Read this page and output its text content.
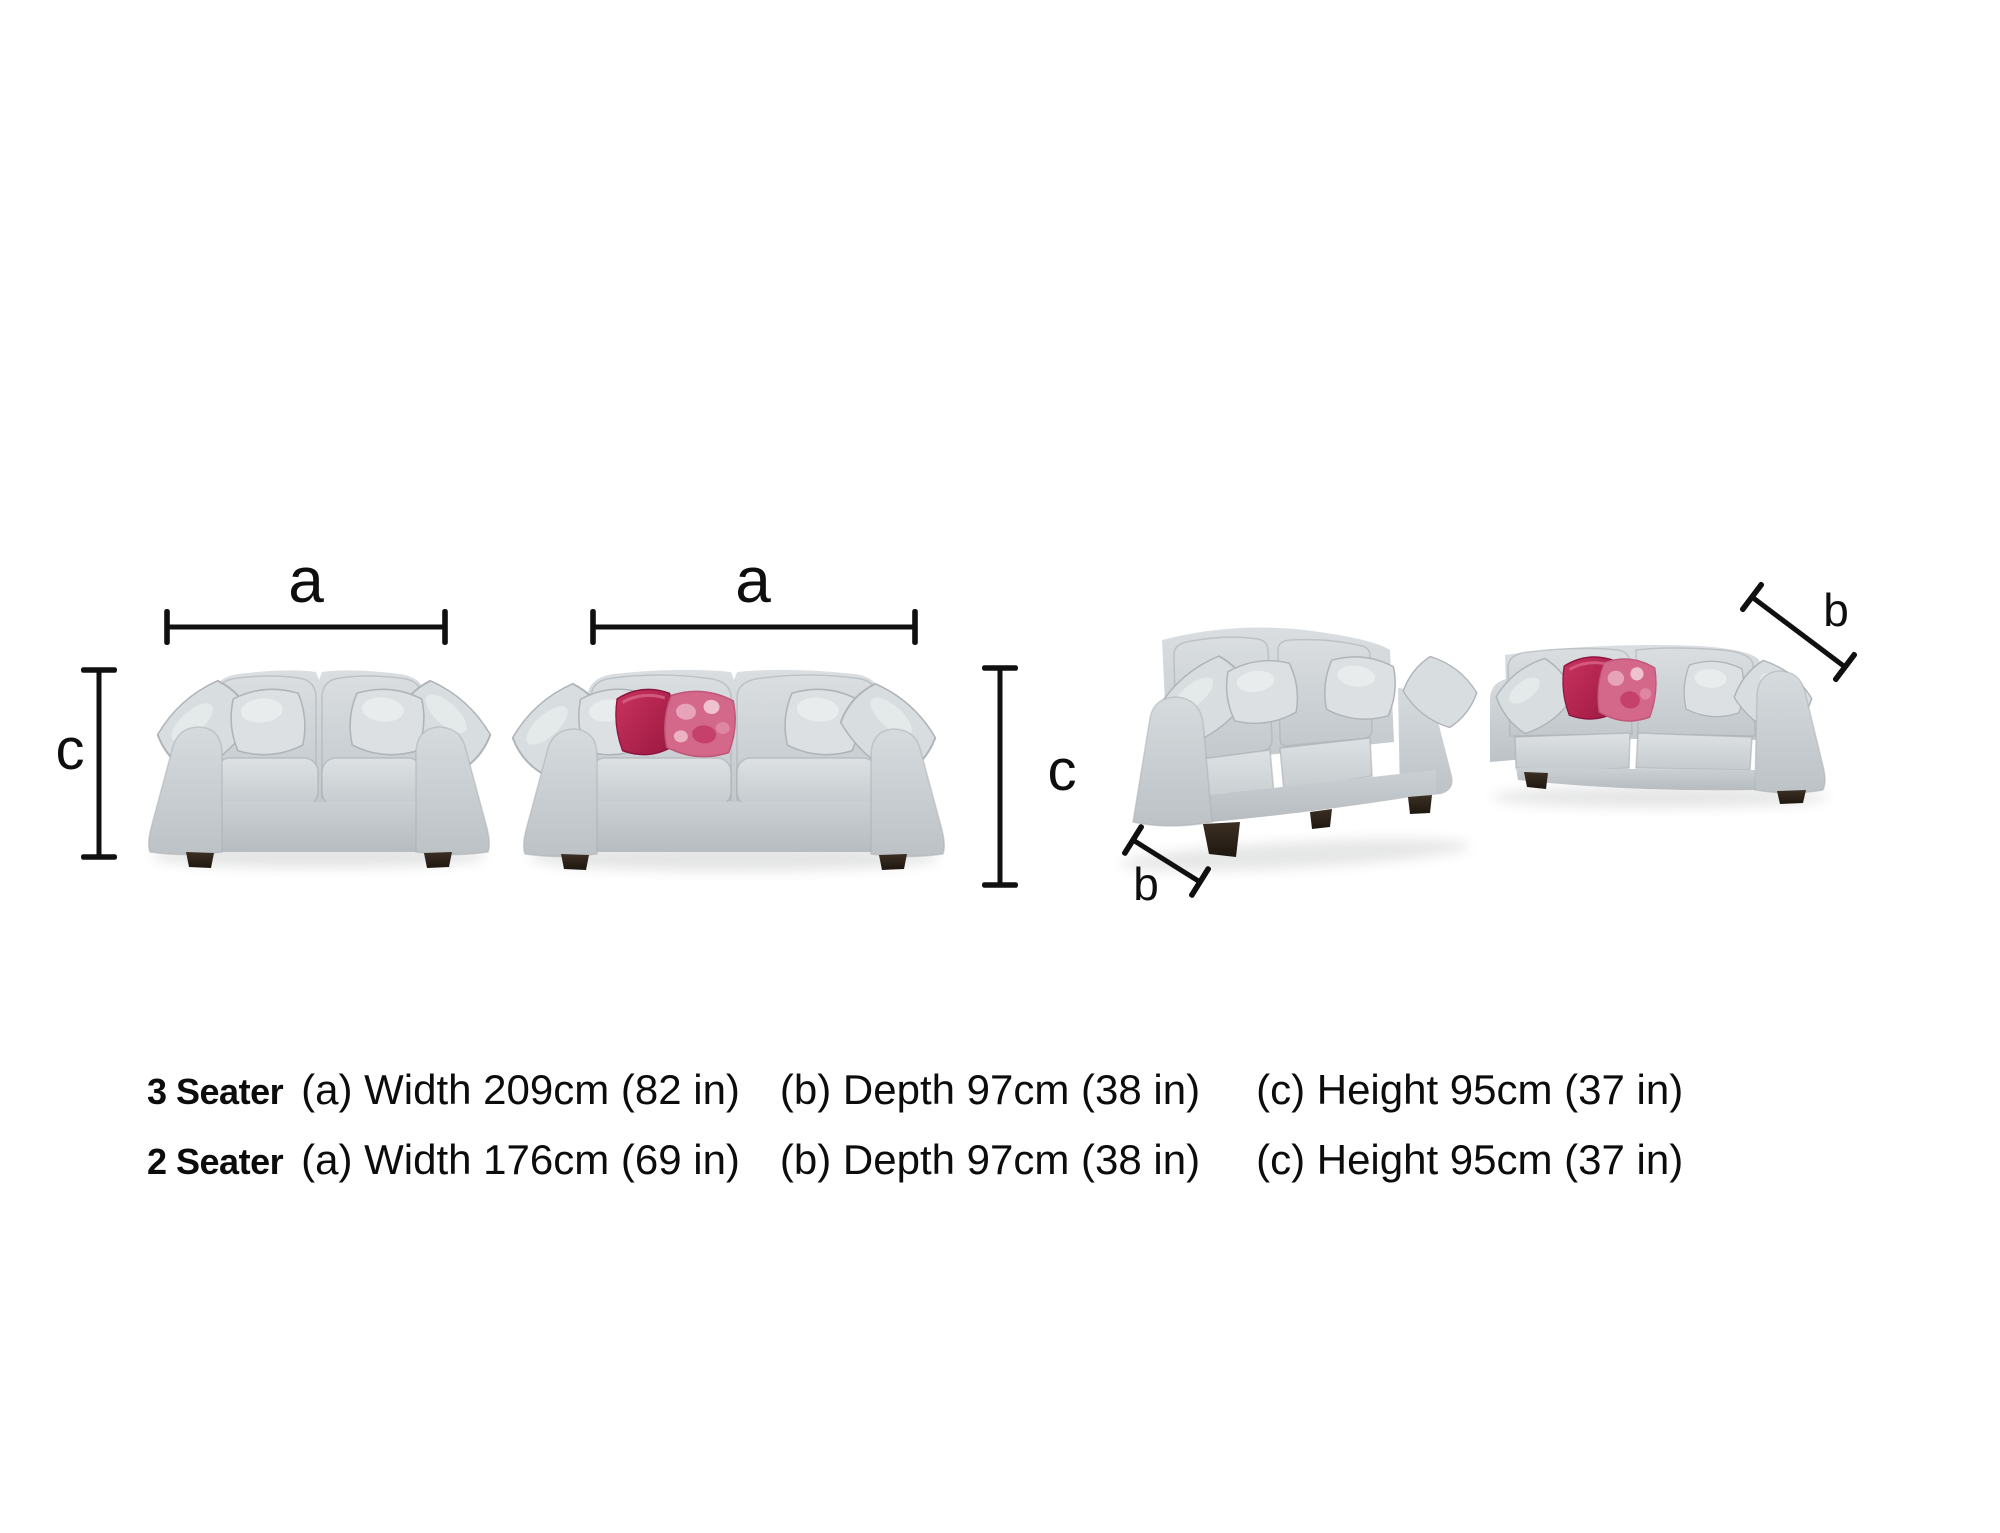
a	a
c	c
b
b
3 Seater (a) Width 209cm (82 in) (b) Depth 97cm (38 in) (c) Height 95cm (37 in)
2 Seater (a) Width 176cm (69 in) (b) Depth 97cm (38 in) (c) Height 95cm (37 in)
